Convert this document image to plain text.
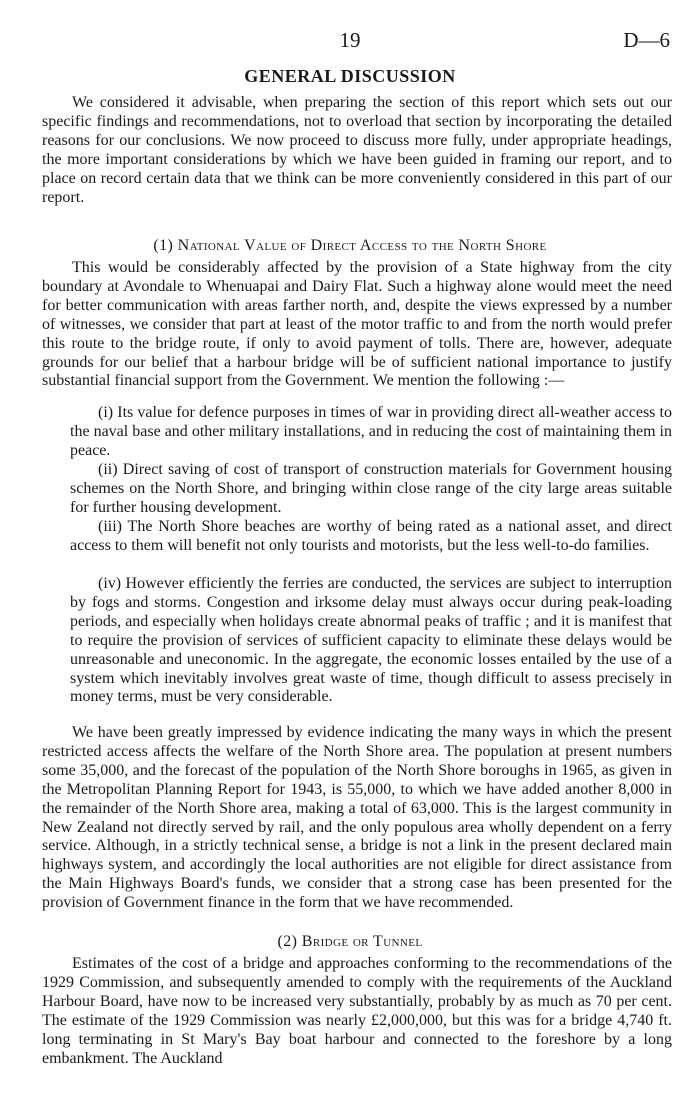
19	D—6
GENERAL DISCUSSION

We considered it advisable, when preparing the section of this report which sets out our specific findings and recommendations, not to overload that section by incorporating the detailed reasons for our conclusions. We now proceed to discuss more fully, under appropriate headings, the more important considerations by which we have been guided in framing our report, and to place on record certain data that we think can be more conveniently considered in this part of our report.

(1) National Value of Direct Access to the North Shore

This would be considerably affected by the provision of a State highway from the city boundary at Avondale to Whenuapai and Dairy Flat. Such a highway alone would meet the need for better communication with areas farther north, and, despite the views expressed by a number of witnesses, we consider that part at least of the motor traffic to and from the north would prefer this route to the bridge route, if only to avoid payment of tolls. There are, however, adequate grounds for our belief that a harbour bridge will be of sufficient national importance to justify substantial financial support from the Government. We mention the following :—

(i) Its value for defence purposes in times of war in providing direct all-weather access to the naval base and other military installations, and in reducing the cost of maintaining them in peace.

(ii) Direct saving of cost of transport of construction materials for Government housing schemes on the North Shore, and bringing within close range of the city large areas suitable for further housing development.

(iii) The North Shore beaches are worthy of being rated as a national asset, and direct access to them will benefit not only tourists and motorists, but the less well-to-do families.

(iv) However efficiently the ferries are conducted, the services are subject to interruption by fogs and storms. Congestion and irksome delay must always occur during peak-loading periods, and especially when holidays create abnormal peaks of traffic ; and it is manifest that to require the provision of services of sufficient capacity to eliminate these delays would be unreasonable and uneconomic. In the aggregate, the economic losses entailed by the use of a system which inevitably involves great waste of time, though difficult to assess precisely in money terms, must be very considerable.

We have been greatly impressed by evidence indicating the many ways in which the present restricted access affects the welfare of the North Shore area. The population at present numbers some 35,000, and the forecast of the population of the North Shore boroughs in 1965, as given in the Metropolitan Planning Report for 1943, is 55,000, to which we have added another 8,000 in the remainder of the North Shore area, making a total of 63,000. This is the largest community in New Zealand not directly served by rail, and the only populous area wholly dependent on a ferry service. Although, in a strictly technical sense, a bridge is not a link in the present declared main highways system, and accordingly the local authorities are not eligible for direct assistance from the Main Highways Board's funds, we consider that a strong case has been presented for the provision of Government finance in the form that we have recommended.

(2) Bridge or Tunnel

Estimates of the cost of a bridge and approaches conforming to the recommendations of the 1929 Commission, and subsequently amended to comply with the requirements of the Auckland Harbour Board, have now to be increased very substantially, probably by as much as 70 per cent. The estimate of the 1929 Commission was nearly £2,000,000, but this was for a bridge 4,740 ft. long terminating in St Mary's Bay boat harbour and connected to the foreshore by a long embankment. The Auckland
